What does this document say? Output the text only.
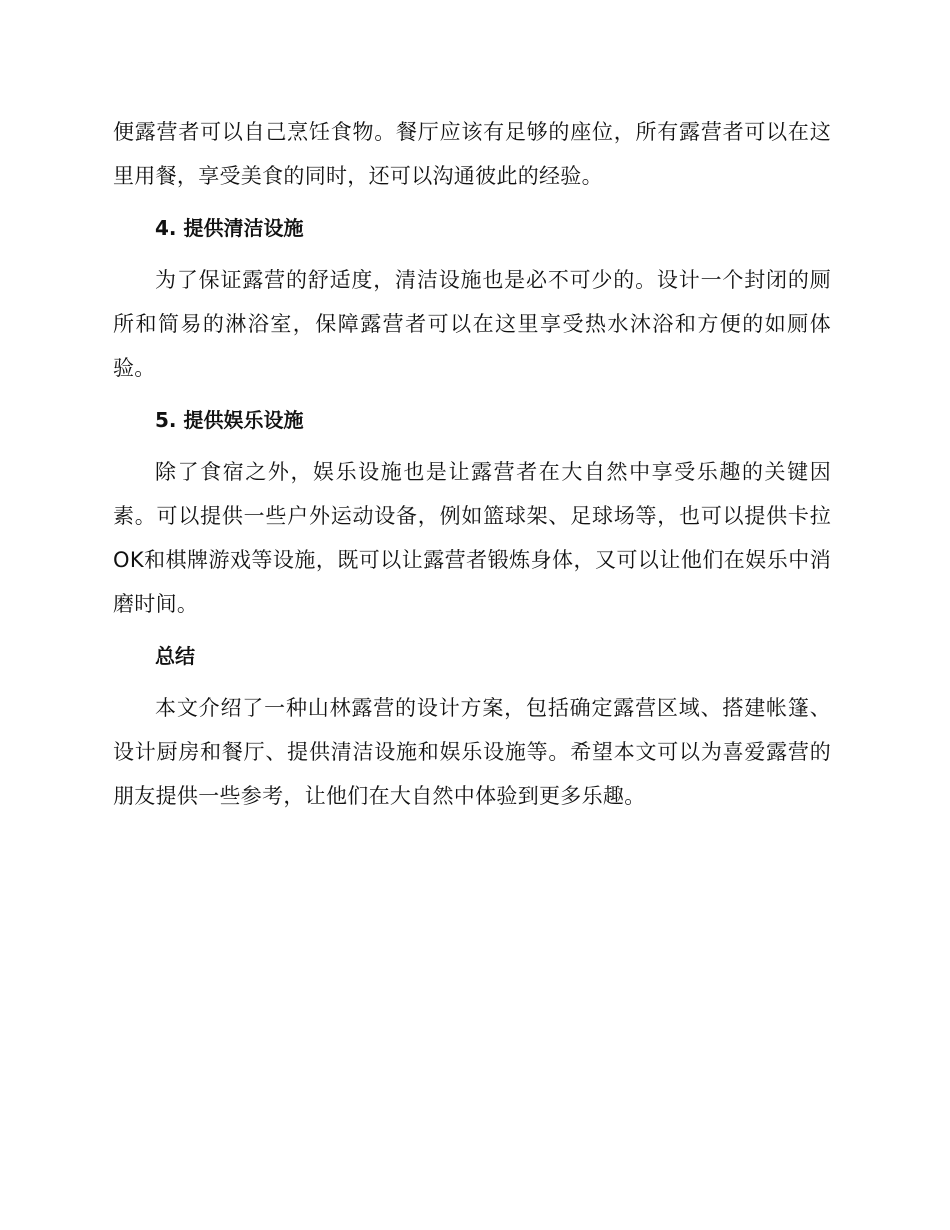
便露营者可以自己烹饪食物。餐厅应该有足够的座位，所有露营者可以在这里用餐，享受美食的同时，还可以沟通彼此的经验。

4. 提供清洁设施

为了保证露营的舒适度，清洁设施也是必不可少的。设计一个封闭的厕所和简易的淋浴室，保障露营者可以在这里享受热水沐浴和方便的如厕体验。

5. 提供娱乐设施

除了食宿之外，娱乐设施也是让露营者在大自然中享受乐趣的关键因素。可以提供一些户外运动设备，例如篮球架、足球场等，也可以提供卡拉OK和棋牌游戏等设施，既可以让露营者锻炼身体，又可以让他们在娱乐中消磨时间。

总结

本文介绍了一种山林露营的设计方案，包括确定露营区域、搭建帐篷、设计厨房和餐厅、提供清洁设施和娱乐设施等。希望本文可以为喜爱露营的朋友提供一些参考，让他们在大自然中体验到更多乐趣。
